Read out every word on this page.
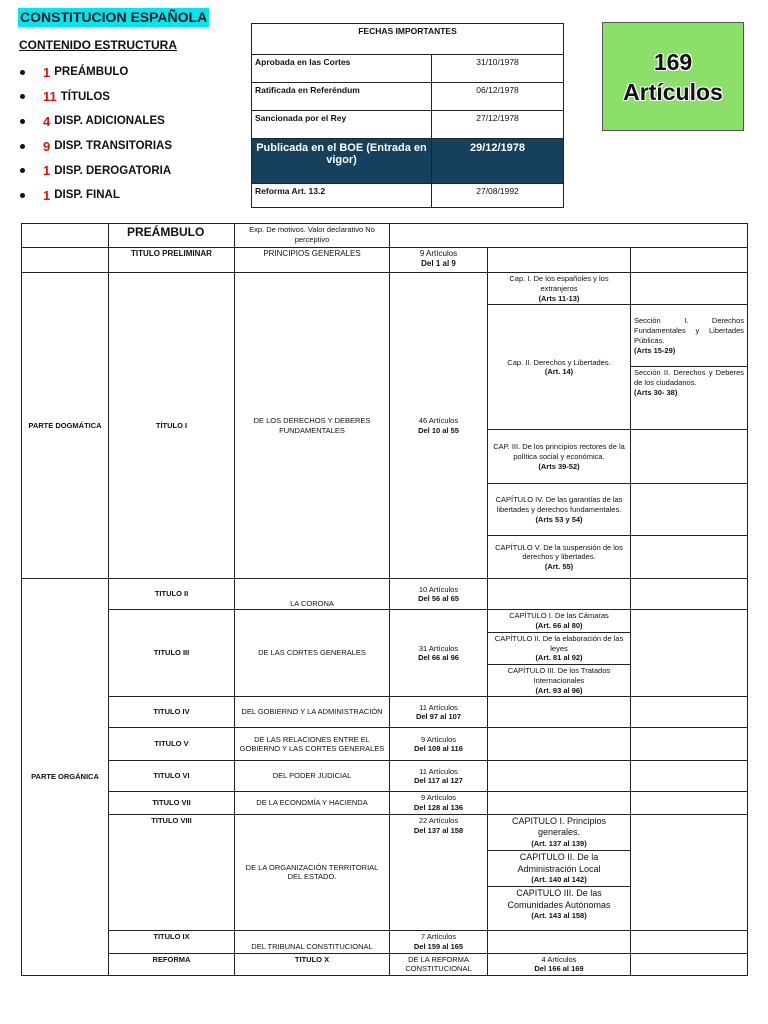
CONSTITUCION ESPAÑOLA
CONTENIDO ESTRUCTURA
1 PREÁMBULO
11 TÍTULOS
4 DISP. ADICIONALES
9 DISP. TRANSITORIAS
1 DISP. DEROGATORIA
1 DISP. FINAL
FECHAS IMPORTANTES	
Aprobada en las Cortes	31/10/1978
Ratificada en Referéndum	06/12/1978
Sancionada por el Rey	27/12/1978
Publicada en el BOE (Entrada en vigor)	29/12/1978
Reforma Art. 13.2	27/08/1992
169
Artículos
	PREÁMBULO	Exp. De motivos. Valor declarativo No perceptivo				
	TITULO PRELIMINAR	PRINCIPIOS GENERALES	9 Artículos
Del 1 al 9			

PARTE DOGMÁTICA	TÍTULO I	DE LOS DERECHOS Y DEBERES FUNDAMENTALES	46 Artículos
Del 10 al 55	Cap. I. De los españoles y los extranjeros
(Arts 11-13)		

				Cap. II. Derechos y Libertades.
(Art. 14)	Sección I. Derechos Fundamentales y Libertades Públicas.
(Arts 15-29)	

					Sección II. Derechos y Deberes de los ciudadanos.
(Arts 30- 38)	

				CAP. III. De los principios rectores de la política social y económica.
(Arts 39-52)		

				CAPÍTULO IV. De las garantías de las libertades y derechos fundamentales.
(Arts 53 y 54)		

				CAPÍTULO V. De la suspensión de los derechos y libertades.
(Art. 55)		

PARTE ORGÁNICA	TITULO II	LA CORONA	10 Artículos
Del 56 al 65			

	TITULO III	DE LAS CORTES GENERALES	31 Artículos
Del 66 al 96	CAPÍTULO I. De las Cámaras
(Art. 66 al 80)		

				CAPÍTULO II. De la elaboración de las leyes
(Art. 81 al 92)		

				CAPÍTULO III. De los Tratados Internacionales
(Art. 93 al 96)		

	TITULO IV	DEL GOBIERNO Y LA ADMINISTRACIÓN	11 Artículos
Del 97 al 107			

	TITULO V	DE LAS RELACIONES ENTRE EL GOBIERNO Y LAS CORTES GENERALES	9 Artículos
Del 108 al 116			

	TITULO VI	DEL PODER JUDICIAL	11 Artículos
Del 117 al 127			

	TITULO VII	DE LA ECONOMÍA Y HACIENDA	9 Artículos
Del 128 al 136			

	TITULO VIII	DE LA ORGANIZACIÓN TERRITORIAL DEL ESTADO.	22 Artículos
Del 137 al 158	CAPITULO I. Principios generales.
(Art. 137 al 139)		

				CAPITULO II. De la Administración Local
(Art. 140 al 142)		

				CAPITULO III. De las Comunidades Autónomas
(Art. 143 al 158)		

	TITULO IX	DEL TRIBUNAL CONSTITUCIONAL	7 Artículos
Del 159 al 165			

	REFORMA	TITULO X	DE LA REFORMA CONSTITUCIONAL	4 Artículos
Del 166 al 169		
